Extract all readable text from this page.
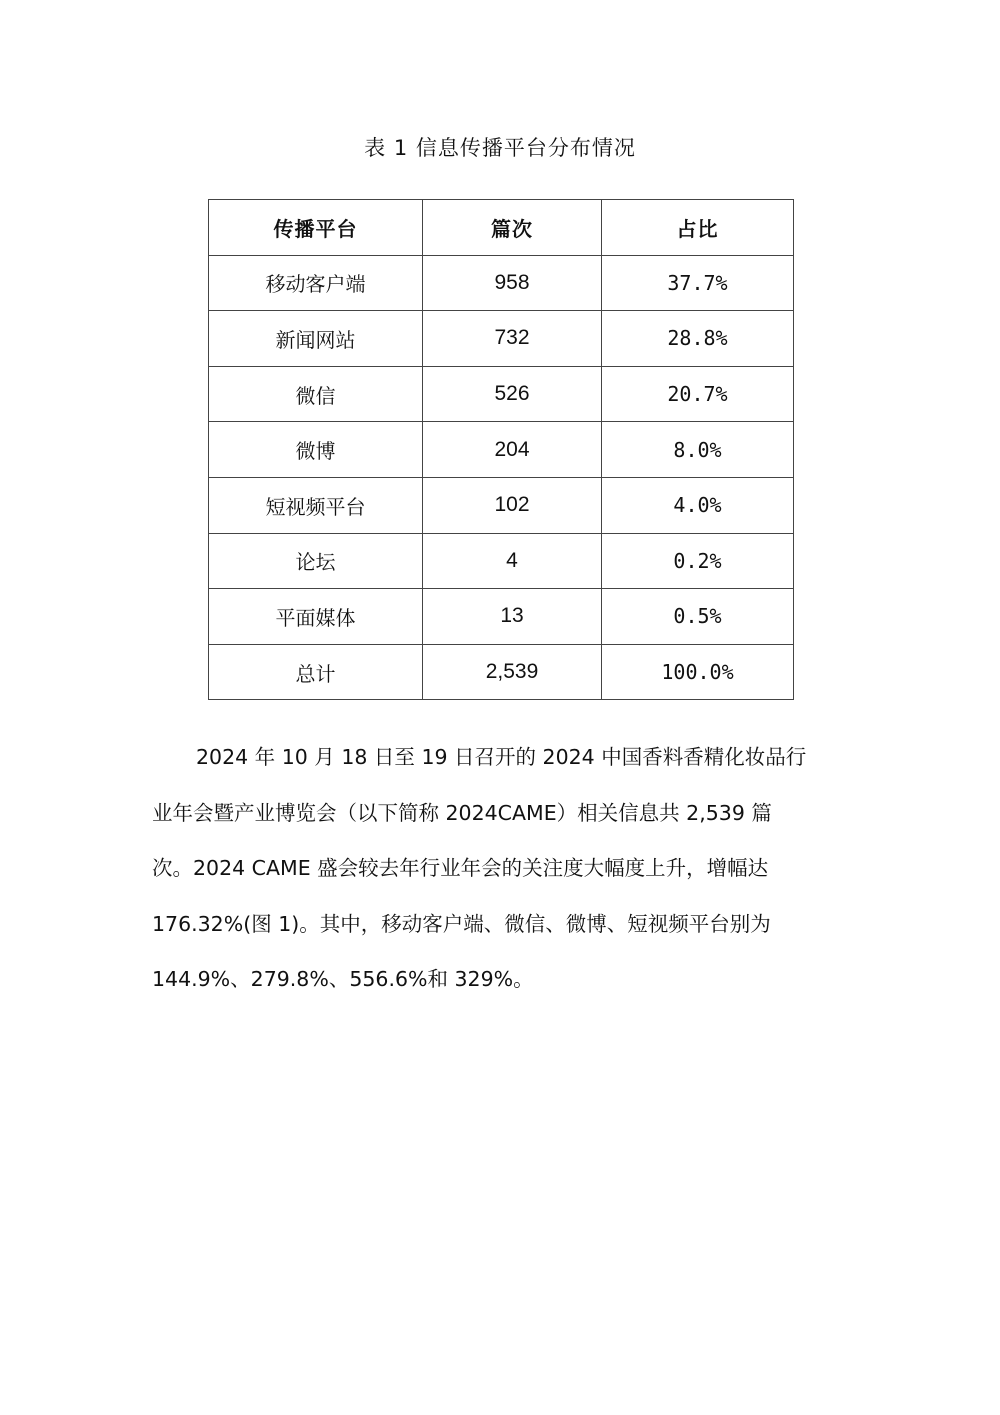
表 1 信息传播平台分布情况
传播平台	篇次	占比
移动客户端	958	37.7%
新闻网站	732	28.8%
微信	526	20.7%
微博	204	8.0%
短视频平台	102	4.0%
论坛	4	0.2%
平面媒体	13	0.5%
总计	2,539	100.0%
2024 年 10 月 18 日至 19 日召开的 2024 中国香料香精化妆品行
业年会暨产业博览会（以下简称 2024CAME）相关信息共 2,539 篇
次。2024 CAME 盛会较去年行业年会的关注度大幅度上升，增幅达
176.32%(图 1)。其中，移动客户端、微信、微博、短视频平台别为
144.9%、279.8%、556.6%和 329%。
